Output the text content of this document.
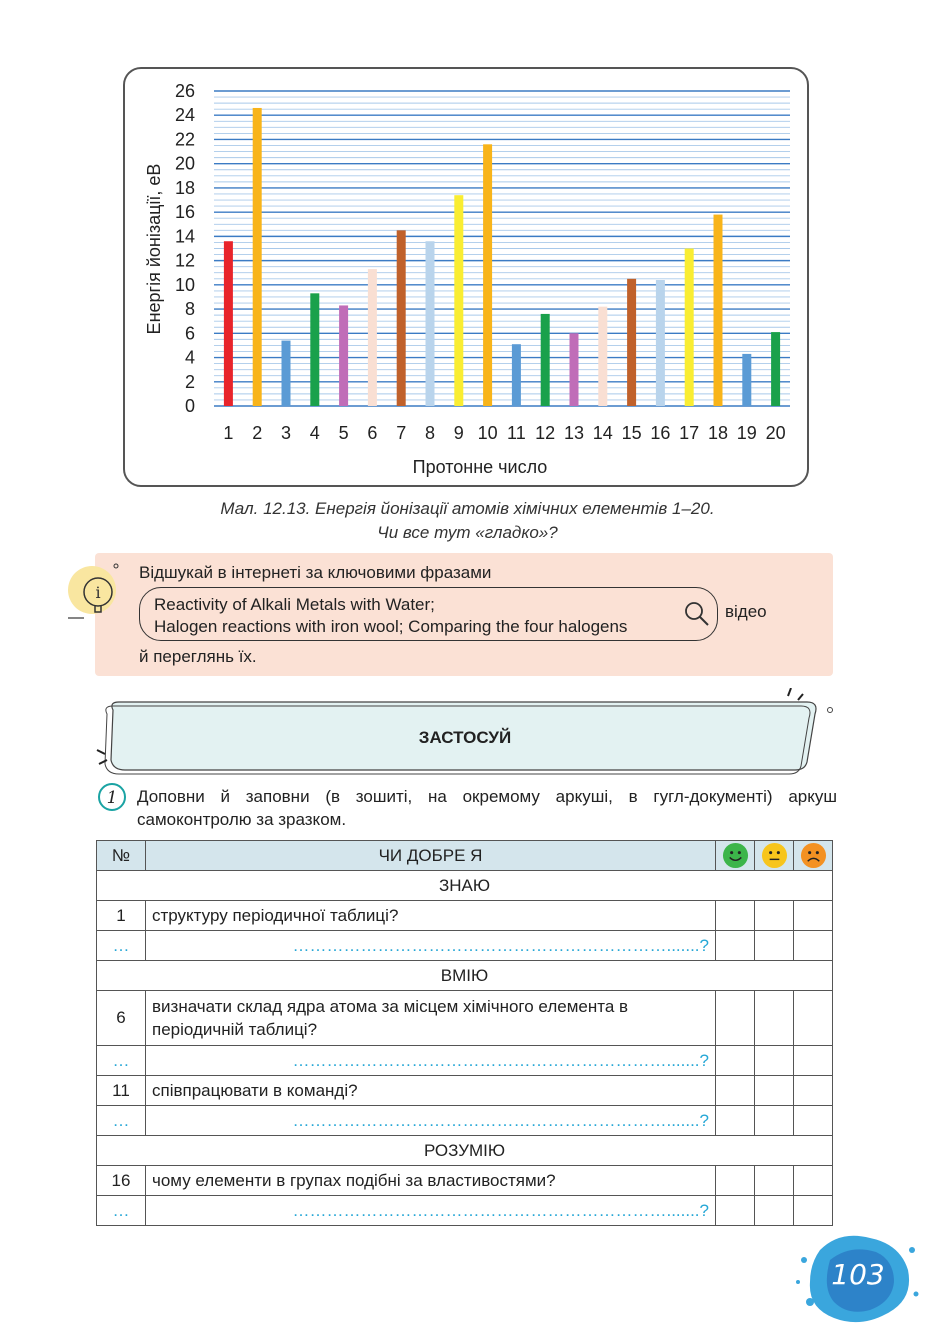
0
2
4
6
8
10
12
14
16
18
20
22
24
26
1 2 3 4 5 6 7 8 9 10 11 12 13 14 15 16 17 18 19 20
Протонне число
Енергія йонізації, еВ
Мал. 12.13. Енергія йонізації атомів хімічних елементів 1–20.
Чи все тут «гладко»?
i
Відшукай в інтернеті за ключовими фразами
Reactivity of Alkali Metals with Water;
Halogen reactions with iron wool; Comparing the four halogens
відео
й переглянь їх.
ЗАСТОСУЙ
1 Доповни й заповни (в зошиті, на окремому аркуші, в гугл-документі) аркуш самоконтролю за зразком.
№	ЧИ ДОБРЕ Я			
ЗНАЮ				
1	структуру періодичної таблиці?			
…	………………………………………………………….......?			
ВМІЮ				
6	визначати склад ядра атома за місцем хімічного елемента в періодичній таблиці?			
…	………………………………………………………….......?			
11	співпрацювати в команді?			
…	………………………………………………………….......?			
РОЗУМІЮ				
16	чому елементи в групах подібні за властивостями?			
…	………………………………………………………….......?			
103
